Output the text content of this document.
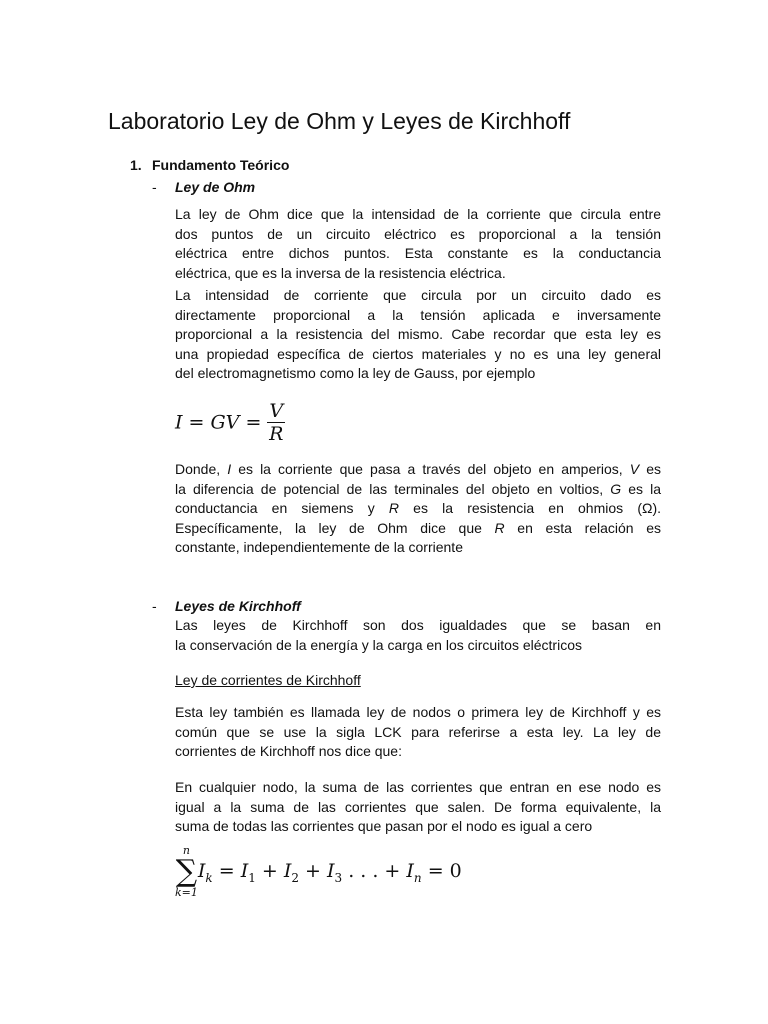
Laboratorio Ley de Ohm y Leyes de Kirchhoff
1. Fundamento Teórico
- Ley de Ohm
La ley de Ohm dice que la intensidad de la corriente que circula entre
dos puntos de un circuito eléctrico es proporcional a la tensión
eléctrica entre dichos puntos. Esta constante es la conductancia
eléctrica, que es la inversa de la resistencia eléctrica.
La intensidad de corriente que circula por un circuito dado es
directamente proporcional a la tensión aplicada e inversamente
proporcional a la resistencia del mismo. Cabe recordar que esta ley es
una propiedad específica de ciertos materiales y no es una ley general
del electromagnetismo como la ley de Gauss, por ejemplo
I = GV = $\frac{V}{R}$
Donde, I es la corriente que pasa a través del objeto en amperios, V es
la diferencia de potencial de las terminales del objeto en voltios, G es la
conductancia en siemens y R es la resistencia en ohmios (Ω).
Específicamente, la ley de Ohm dice que R en esta relación es
constante, independientemente de la corriente
- Leyes de Kirchhoff
Las leyes de Kirchhoff son dos igualdades que se basan en
la conservación de la energía y la carga en los circuitos eléctricos
Ley de corrientes de Kirchhoff
Esta ley también es llamada ley de nodos o primera ley de Kirchhoff y es
común que se use la sigla LCK para referirse a esta ley. La ley de
corrientes de Kirchhoff nos dice que:
En cualquier nodo, la suma de las corrientes que entran en ese nodo es
igual a la suma de las corrientes que salen. De forma equivalente, la
suma de todas las corrientes que pasan por el nodo es igual a cero
n
∑
k=1
$I_k = I_1 + I_2 + I_3$ . . . + $I_n = 0$
